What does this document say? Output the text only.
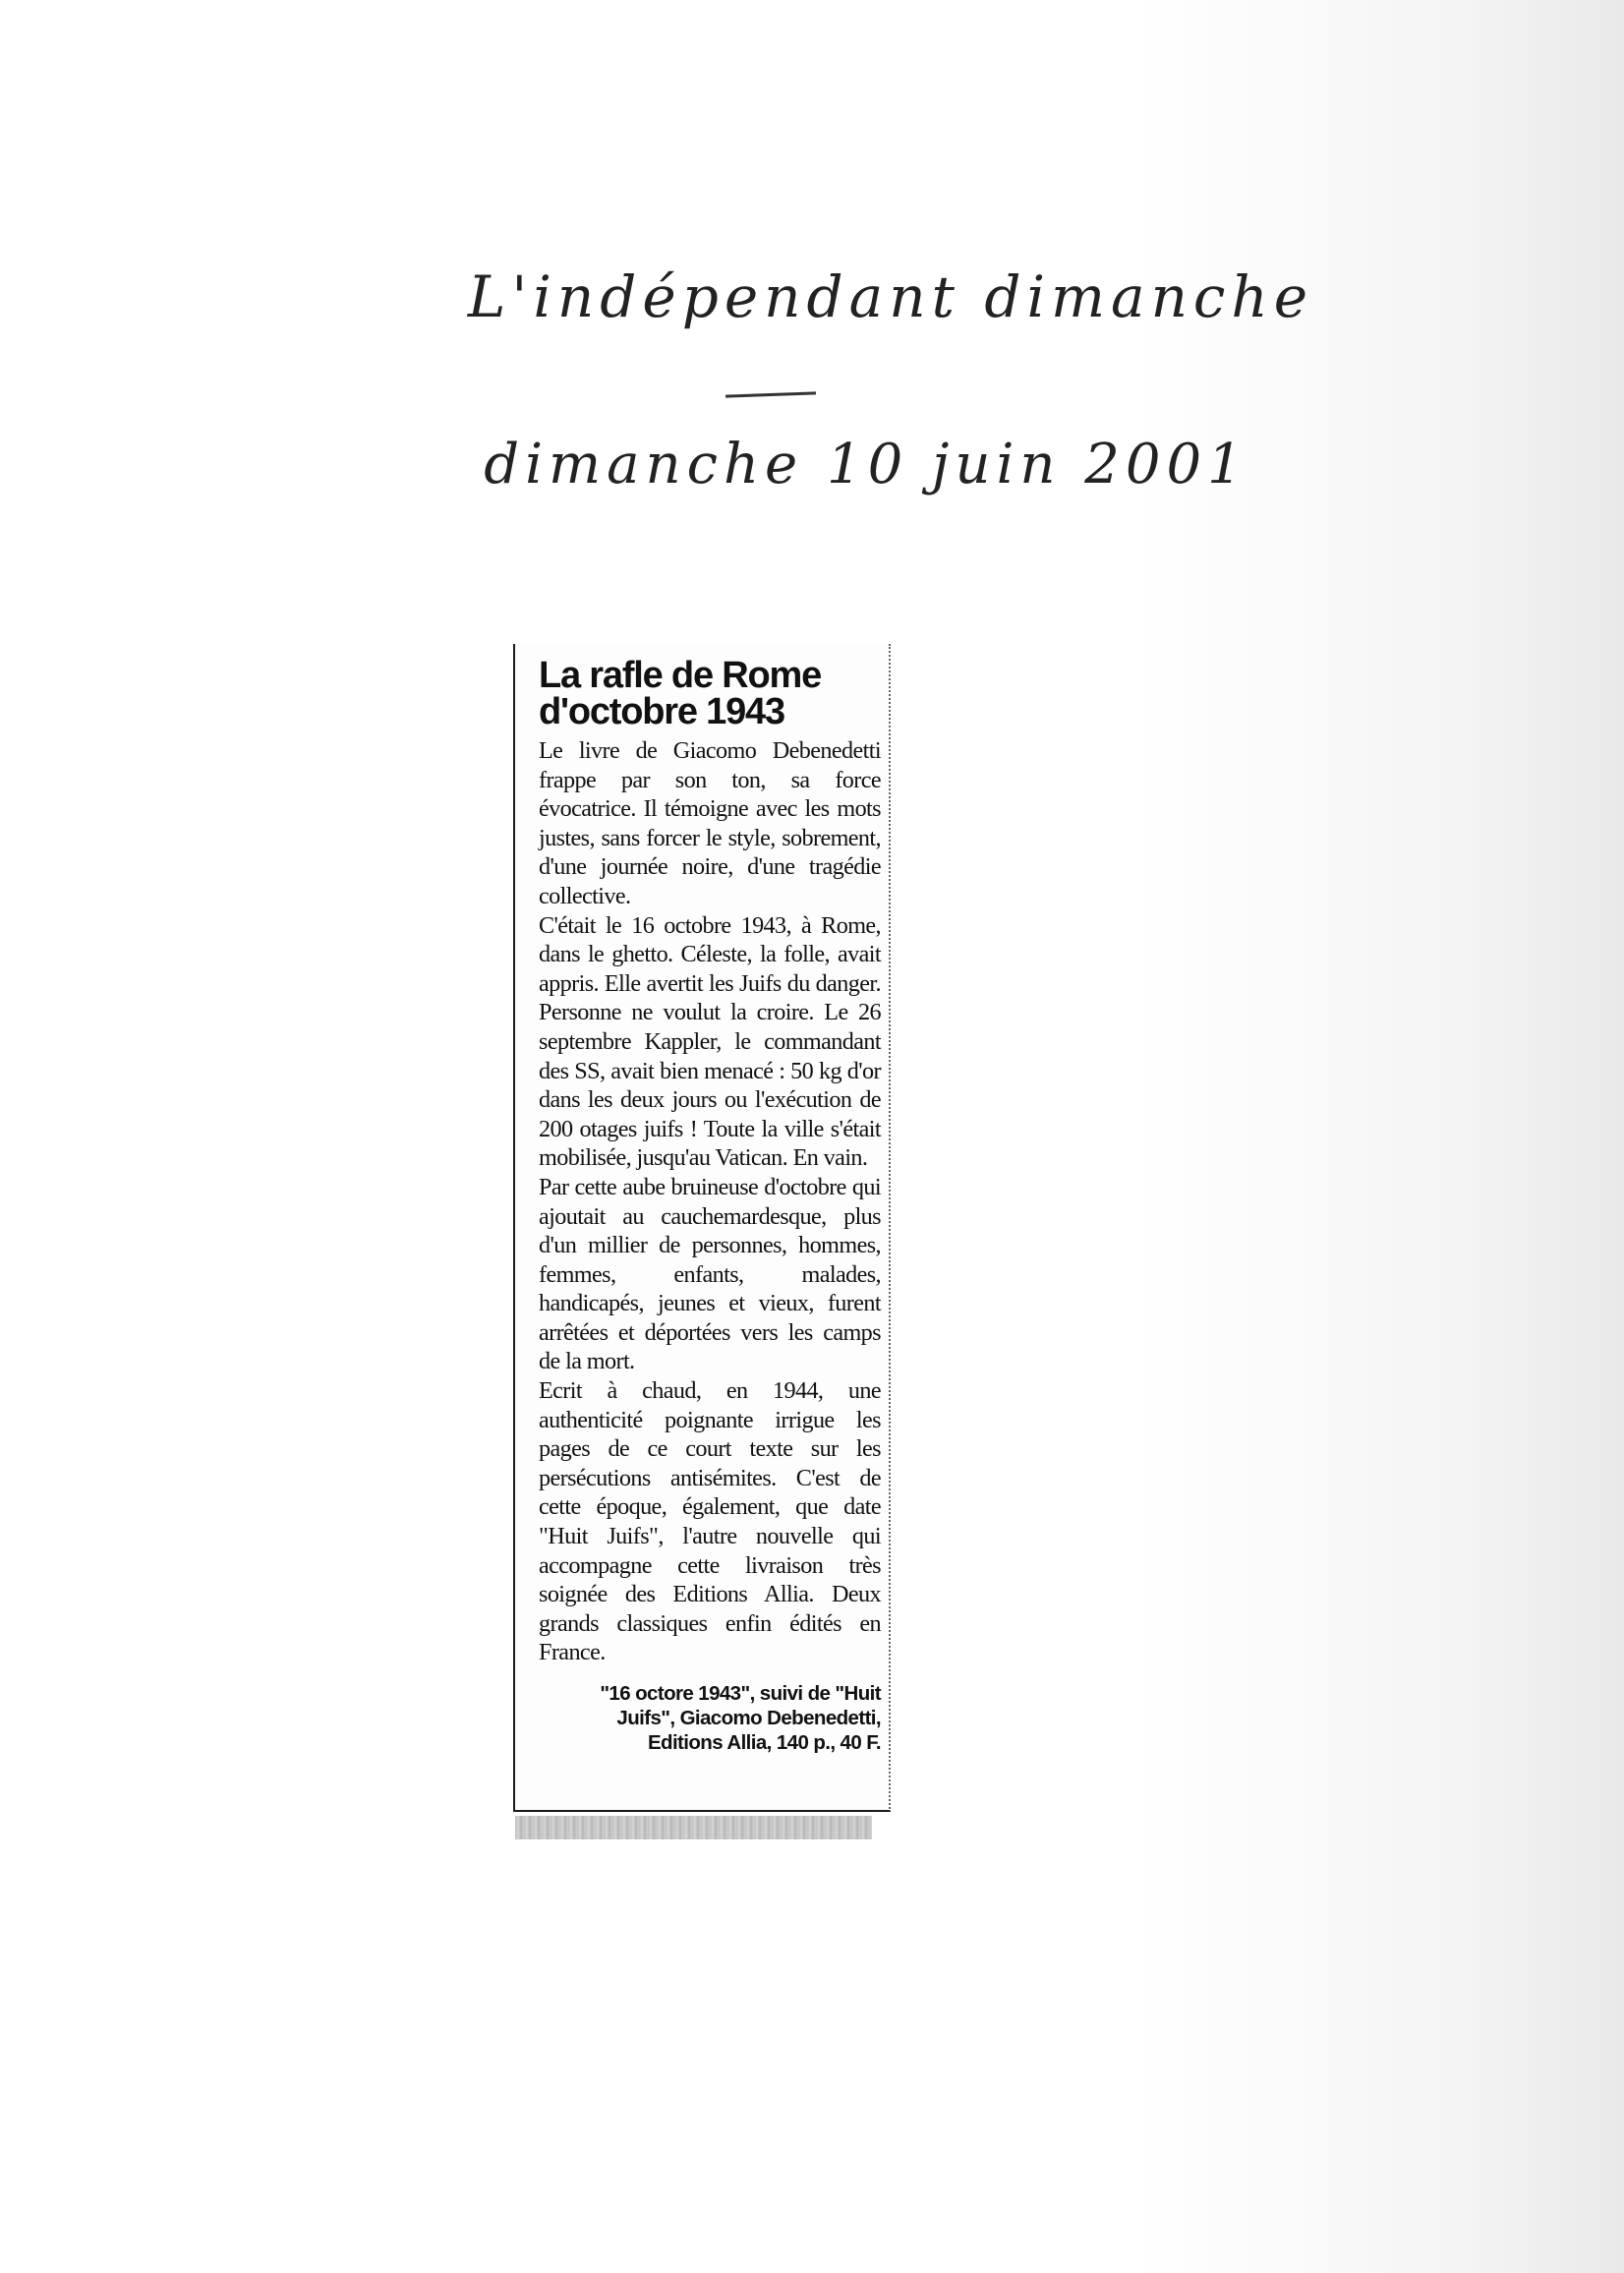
L'indépendant dimanche
dimanche 10 juin 2001
La rafle de Rome
d'octobre 1943

Le livre de Giacomo Debenedetti frappe par son ton, sa force évocatrice. Il témoigne avec les mots justes, sans forcer le style, sobrement, d'une journée noire, d'une tragédie collective.

C'était le 16 octobre 1943, à Rome, dans le ghetto. Céleste, la folle, avait appris. Elle avertit les Juifs du danger. Personne ne voulut la croire. Le 26 septembre Kappler, le commandant des SS, avait bien menacé : 50 kg d'or dans les deux jours ou l'exécution de 200 otages juifs ! Toute la ville s'était mobilisée, jusqu'au Vatican. En vain.

Par cette aube bruineuse d'octobre qui ajoutait au cauchemardesque, plus d'un millier de personnes, hommes, femmes, enfants, malades, handicapés, jeunes et vieux, furent arrêtées et déportées vers les camps de la mort.

Ecrit à chaud, en 1944, une authenticité poignante irrigue les pages de ce court texte sur les persécutions antisémites. C'est de cette époque, également, que date "Huit Juifs", l'autre nouvelle qui accompagne cette livraison très soignée des Editions Allia. Deux grands classiques enfin édités en France.

"16 octore 1943", suivi de "Huit Juifs", Giacomo Debenedetti, Editions Allia, 140 p., 40 F.
